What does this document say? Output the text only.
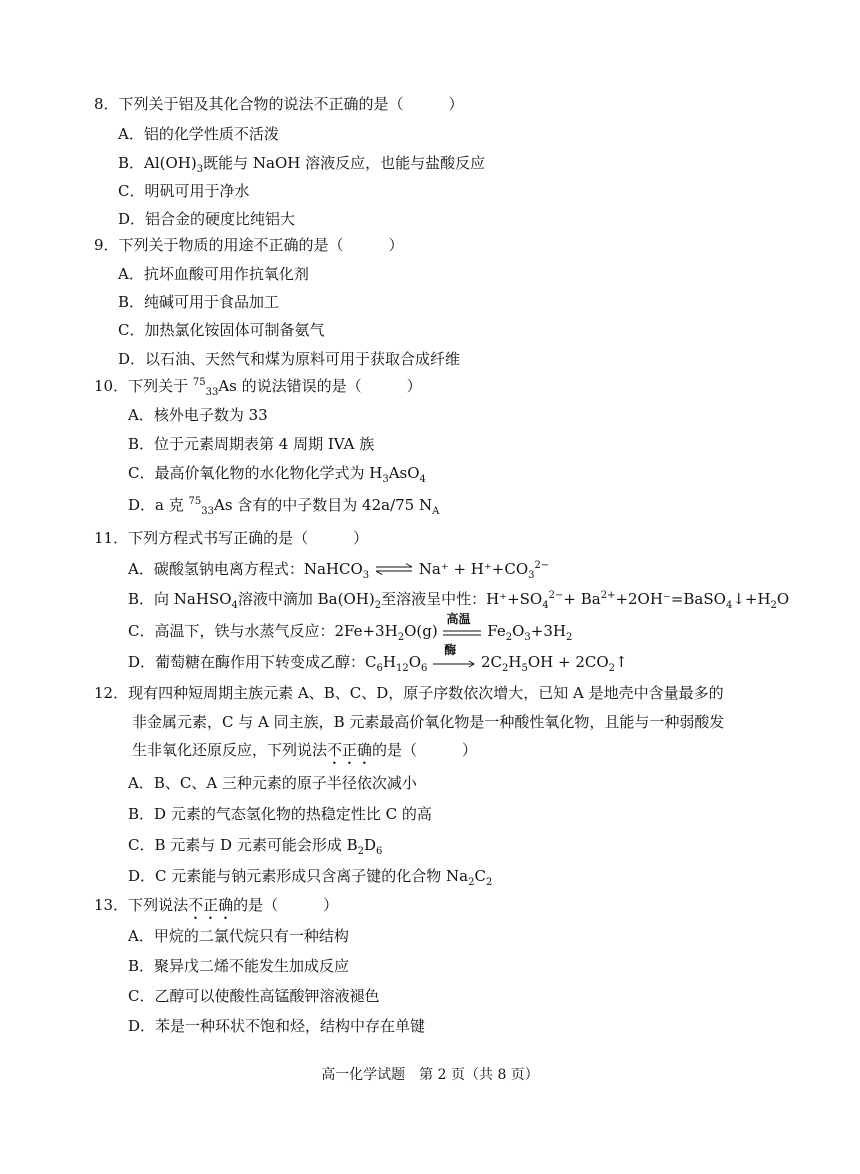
8．下列关于铝及其化合物的说法不正确的是（　　　）
A．铝的化学性质不活泼
B．$Al(OH)_3$既能与 NaOH 溶液反应，也能与盐酸反应
C．明矾可用于净水
D．铝合金的硬度比纯铝大
9．下列关于物质的用途不正确的是（　　　）
A．抗坏血酸可用作抗氧化剂
B．纯碱可用于食品加工
C．加热氯化铵固体可制备氨气
D．以石油、天然气和煤为原料可用于获取合成纤维
10．下列关于 $^{75}_{33}$As 的说法错误的是（　　　）
A．核外电子数为 33
B．位于元素周期表第 4 周期 IVA 族
C．最高价氧化物的水化物化学式为 $H_3AsO_4$
D．a 克 $^{75}_{33}$As 含有的中子数目为 42a/75 $N_A$
11．下列方程式书写正确的是（　　　）
A．碳酸氢钠电离方程式：NaHCO$_3$ ⇌ $Na^+ + H^++CO_3^{2-}$
B．向 NaHSO$_4$溶液中滴加 $Ba(OH)_2$至溶液呈中性：$H^++SO_4^{2-}+$ $Ba^{2+}+2OH^-=BaSO_4↓+H_2O$
C．高温下，铁与水蒸气反应：$2Fe+3H_2O(g)$
高温
$Fe_2O_3+3H_2$
D．葡萄糖在酶作用下转变成乙醇：$C_6H_{12}O_6$
酶
$2C_2H_5OH$ + $2CO_2↑$
12．现有四种短周期主族元素 A、B、C、D，原子序数依次增大，已知 A 是地壳中含量最多的
非金属元素，C 与 A 同主族，B 元素最高价氧化物是一种酸性氧化物，且能与一种弱酸发
生非氧化还原反应，下列说法不正确的是（　　　）
A．B、C、A 三种元素的原子半径依次减小
B．D 元素的气态氢化物的热稳定性比 C 的高
C．B 元素与 D 元素可能会形成 $B_2D_6$
D．C 元素能与钠元素形成只含离子键的化合物 $Na_2C_2$
13．下列说法不正确的是（　　　）
A．甲烷的二氯代烷只有一种结构
B．聚异戊二烯不能发生加成反应
C．乙醇可以使酸性高锰酸钾溶液褪色
D．苯是一种环状不饱和烃，结构中存在单键
高一化学试题　第 2 页（共 8 页）
